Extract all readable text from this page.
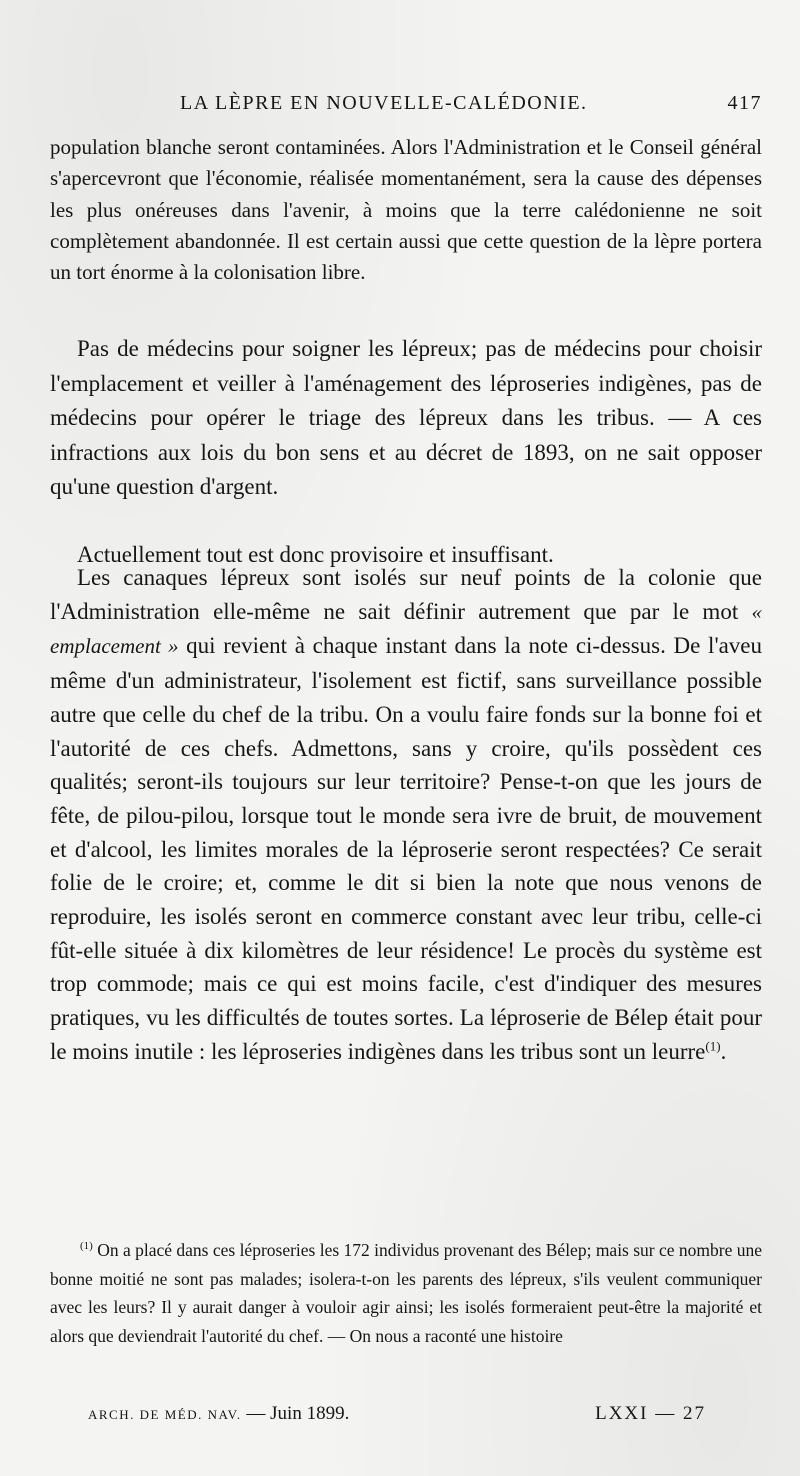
LA LÈPRE EN NOUVELLE-CALÉDONIE.	417

population blanche seront contaminées. Alors l'Administration et le Conseil général s'apercevront que l'économie, réalisée momentanément, sera la cause des dépenses les plus onéreuses dans l'avenir, à moins que la terre calédonienne ne soit complètement abandonnée. Il est certain aussi que cette question de la lèpre portera un tort énorme à la colonisation libre.

Pas de médecins pour soigner les lépreux; pas de médecins pour choisir l'emplacement et veiller à l'aménagement des léproseries indigènes, pas de médecins pour opérer le triage des lépreux dans les tribus. — A ces infractions aux lois du bon sens et au décret de 1893, on ne sait opposer qu'une question d'argent.

Actuellement tout est donc provisoire et insuffisant.

Les canaques lépreux sont isolés sur neuf points de la colonie que l'Administration elle-même ne sait définir autrement que par le mot « emplacement » qui revient à chaque instant dans la note ci-dessus. De l'aveu même d'un administrateur, l'isolement est fictif, sans surveillance possible autre que celle du chef de la tribu. On a voulu faire fonds sur la bonne foi et l'autorité de ces chefs. Admettons, sans y croire, qu'ils possèdent ces qualités; seront-ils toujours sur leur territoire? Pense-t-on que les jours de fête, de pilou-pilou, lorsque tout le monde sera ivre de bruit, de mouvement et d'alcool, les limites morales de la léproserie seront respectées? Ce serait folie de le croire; et, comme le dit si bien la note que nous venons de reproduire, les isolés seront en commerce constant avec leur tribu, celle-ci fût-elle située à dix kilomètres de leur résidence! Le procès du système est trop commode; mais ce qui est moins facile, c'est d'indiquer des mesures pratiques, vu les difficultés de toutes sortes. La léproserie de Bélep était pour le moins inutile : les léproseries indigènes dans les tribus sont un leurre$^{(1)}$.

$^{(1)}$ On a placé dans ces léproseries les 172 individus provenant des Bélep; mais sur ce nombre une bonne moitié ne sont pas malades; isolera-t-on les parents des lépreux, s'ils veulent communiquer avec les leurs? Il y aurait danger à vouloir agir ainsi; les isolés formeraient peut-être la majorité et alors que deviendrait l'autorité du chef. — On nous a raconté une histoire

ARCH. DE MÉD. NAV. — Juin 1899.	LXXI — 27
